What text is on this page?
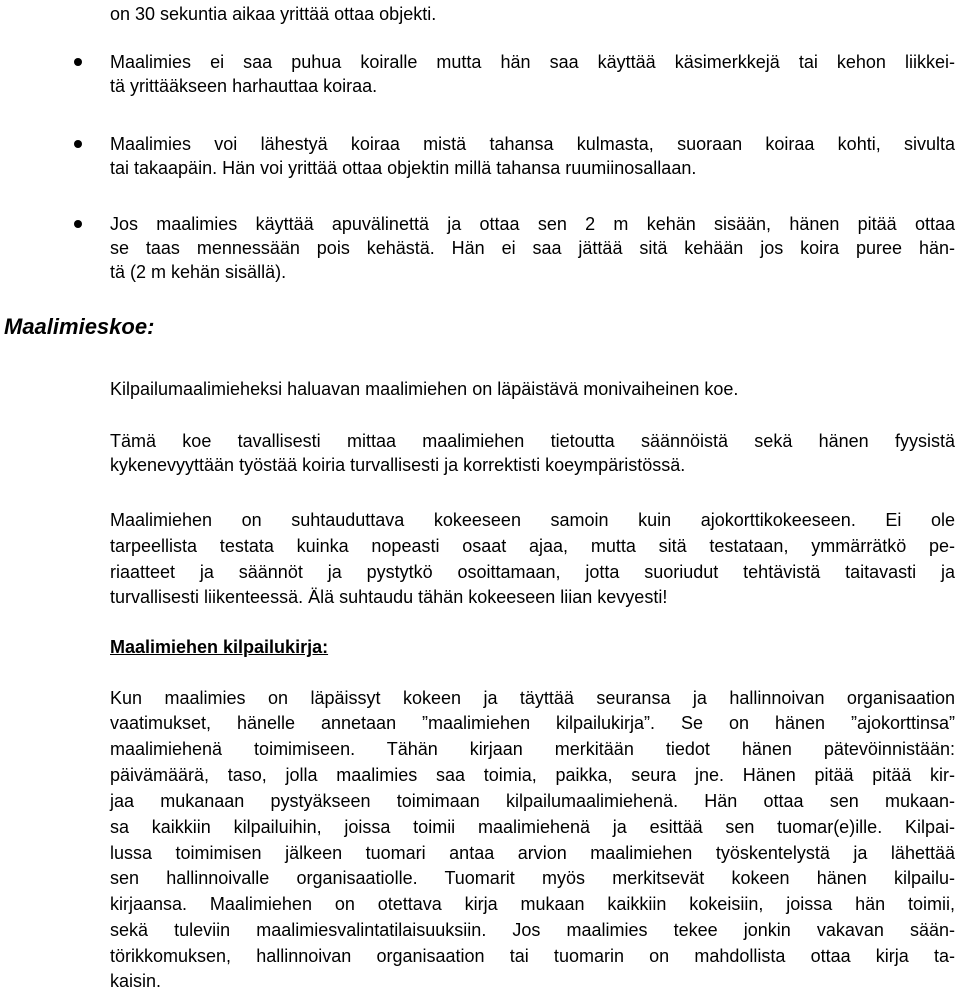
on 30 sekuntia aikaa yrittää ottaa objekti.
Maalimies ei saa puhua koiralle mutta hän saa käyttää käsimerkkejä tai kehon liikkei-
tä yrittääkseen harhauttaa koiraa.
Maalimies voi lähestyä koiraa mistä tahansa kulmasta, suoraan koiraa kohti, sivulta
tai takaapäin. Hän voi yrittää ottaa objektin millä tahansa ruumiinosallaan.
Jos maalimies käyttää apuvälinettä ja ottaa sen 2 m kehän sisään, hänen pitää ottaa
se taas mennessään pois kehästä. Hän ei saa jättää sitä kehään jos koira puree hän-
tä (2 m kehän sisällä).
Maalimieskoe:
Kilpailumaalimieheksi haluavan maalimiehen on läpäistävä monivaiheinen koe.
Tämä koe tavallisesti mittaa maalimiehen tietoutta säännöistä sekä hänen fyysistä
kykenevyyttään työstää koiria turvallisesti ja korrektisti koeympäristössä.
Maalimiehen on suhtauduttava kokeeseen samoin kuin ajokorttikokeeseen. Ei ole
tarpeellista testata kuinka nopeasti osaat ajaa, mutta sitä testataan, ymmärrätkö pe-
riaatteet ja säännöt ja pystytkö osoittamaan, jotta suoriudut tehtävistä taitavasti ja
turvallisesti liikenteessä. Älä suhtaudu tähän kokeeseen liian kevyesti!
Maalimiehen kilpailukirja:
Kun maalimies on läpäissyt kokeen ja täyttää seuransa ja hallinnoivan organisaation
vaatimukset, hänelle annetaan ”maalimiehen kilpailukirja”. Se on hänen ”ajokorttinsa”
maalimiehenä toimimiseen. Tähän kirjaan merkitään tiedot hänen pätevöinnistään:
päivämäärä, taso, jolla maalimies saa toimia, paikka, seura jne. Hänen pitää pitää kir-
jaa mukanaan pystyäkseen toimimaan kilpailumaalimiehenä. Hän ottaa sen mukaan-
sa kaikkiin kilpailuihin, joissa toimii maalimiehenä ja esittää sen tuomar(e)ille. Kilpai-
lussa toimimisen jälkeen tuomari antaa arvion maalimiehen työskentelystä ja lähettää
sen hallinnoivalle organisaatiolle. Tuomarit myös merkitsevät kokeen hänen kilpailu-
kirjaansa. Maalimiehen on otettava kirja mukaan kaikkiin kokeisiin, joissa hän toimii,
sekä tuleviin maalimiesvalintatilaisuuksiin. Jos maalimies tekee jonkin vakavan sään-
törikkomuksen, hallinnoivan organisaation tai tuomarin on mahdollista ottaa kirja ta-
kaisin.
